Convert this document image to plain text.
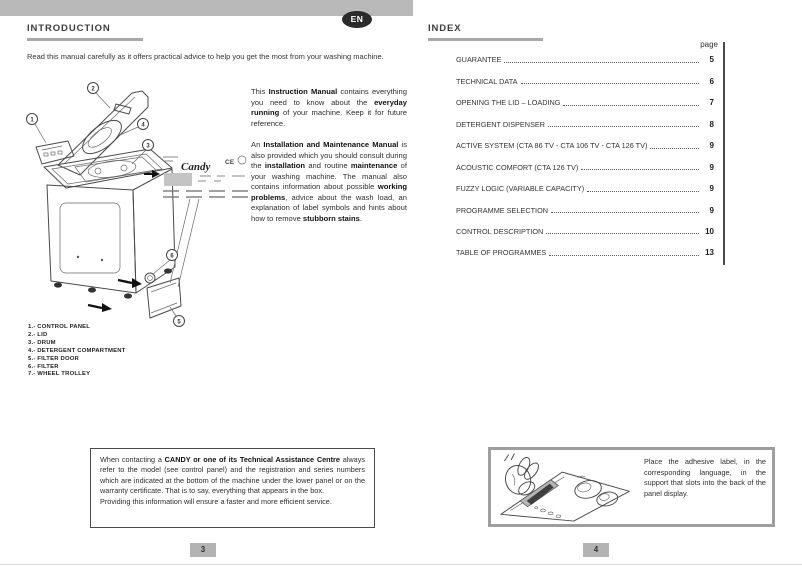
EN
INTRODUCTION

Read this manual carefully as it offers practical advice to help you get the most from your washing machine.

Candy CE
1
2
4
3
6
5

This Instruction Manual contains everything you need to know about the everyday running of your machine. Keep it for future reference.

An Installation and Maintenance Manual is also provided which you should consult during the installation and routine maintenance of your washing machine. The manual also contains information about possible working problems, advice about the wash load, an explanation of label symbols and hints about how to remove stubborn stains.

1.- CONTROL PANEL
2.- LID
3.- DRUM
4.- DETERGENT COMPARTMENT
5.- FILTER DOOR
6.- FILTER
7.- WHEEL TROLLEY

When contacting a CANDY or one of its Technical Assistance Centre always refer to the model (see control panel) and the registration and series numbers which are indicated at the bottom of the machine under the lower panel or on the warranty certificate. That is to say, everything that appears in the box.

Providing this information will ensure a faster and more efficient service.

3
INDEX
page
GUARANTEE	5
TECHNICAL DATA	6
OPENING THE LID – LOADING	7
DETERGENT DISPENSER	8
ACTIVE SYSTEM (CTA 86 TV - CTA 106 TV - CTA 126 TV)	9
ACOUSTIC COMFORT (CTA 126 TV)	9
FUZZY LOGIC (VARIABLE CAPACITY)	9
PROGRAMME SELECTION	9
CONTROL DESCRIPTION	10
TABLE OF PROGRAMMES	13

Place the adhesive label, in the corresponding language, in the support that slots into the back of the panel display.

4
